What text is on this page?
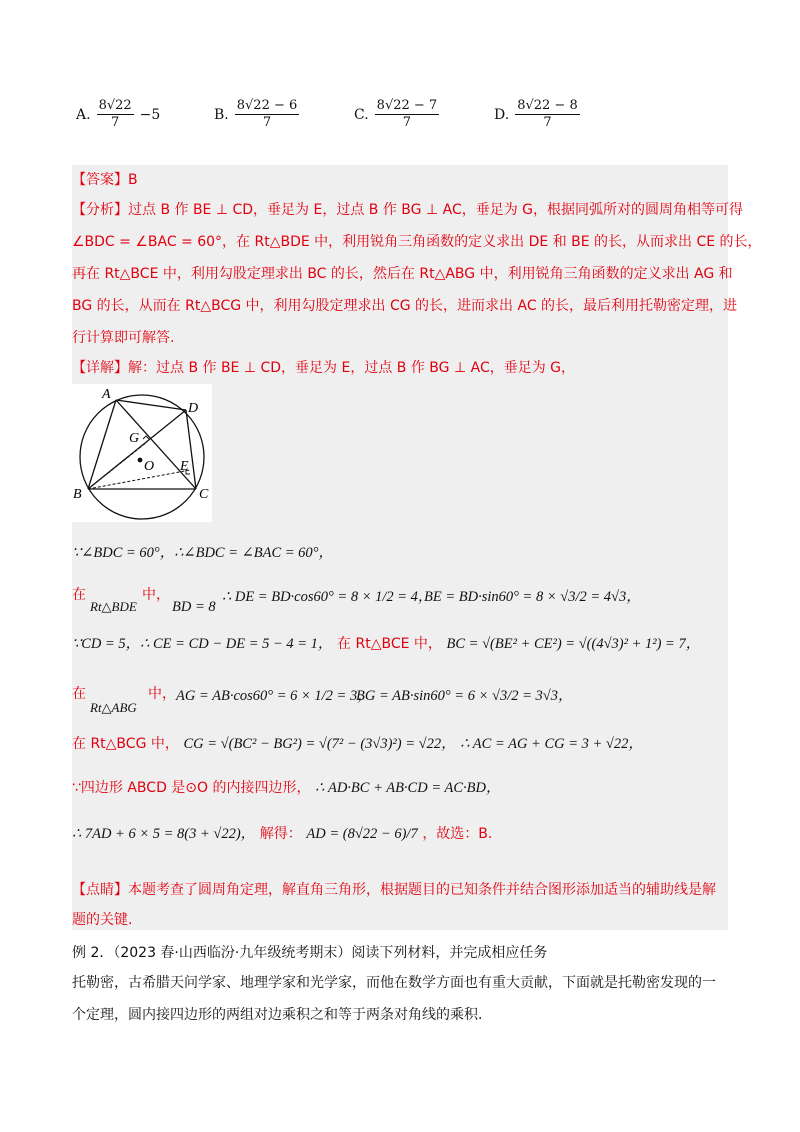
A. $\frac{8√22}{7} -5$	B. $\frac{8√22 - 6}{7}$	C. $\frac{8√22 - 7}{7}$	D. $\frac{8√22 - 8}{7}$
【答案】B
【分析】过点 B 作 BE ⊥ CD，垂足为 E，过点 B 作 BG ⊥ AC，垂足为 G，根据同弧所对的圆周角相等可得
∠BDC = ∠BAC = 60°，在 Rt△BDE 中，利用锐角三角函数的定义求出 DE 和 BE 的长，从而求出 CE 的长，
再在 Rt△BCE 中，利用勾股定理求出 BC 的长，然后在 Rt△ABG 中，利用锐角三角函数的定义求出 AG 和
BG 的长，从而在 Rt△BCG 中，利用勾股定理求出 CG 的长，进而求出 AC 的长，最后利用托勒密定理，进
行计算即可解答.
【详解】解：过点 B 作 BE ⊥ CD，垂足为 E，过点 B 作 BG ⊥ AC，垂足为 G，
A
D
B	C
G
E
O
∵∠BDC = 60°，∴∠BDC = ∠BAC = 60°，
在
Rt△BDE
中，
BD = 8
∴ DE = BD·cos60° = 8 × 1/2 = 4，
BE = BD·sin60° = 8 × √3/2 = 4√3，
∵CD = 5，∴ CE = CD − DE = 5 − 4 = 1， 在 Rt△BCE 中， BC = √(BE² + CE²) = √((4√3)² + 1²) = 7，
在
Rt△ABG
中， AG = AB·cos60° = 6 × 1/2 = 3，
BG = AB·sin60° = 6 × √3/2 = 3√3，
在 Rt△BCG 中， CG = √(BC² − BG²) = √(7² − (3√3)²) = √22， ∴ AC = AG + CG = 3 + √22，
∵四边形 ABCD 是⊙O 的内接四边形， ∴ AD·BC + AB·CD = AC·BD，
∴ 7AD + 6 × 5 = 8(3 + √22)， 解得： AD = (8√22 − 6)/7 ，故选：B.
【点睛】本题考查了圆周角定理，解直角三角形，根据题目的已知条件并结合图形添加适当的辅助线是解
题的关键.
例 2．（2023 春·山西临汾·九年级统考期末）阅读下列材料，并完成相应任务
托勒密，古希腊天问学家、地理学家和光学家，而他在数学方面也有重大贡献，下面就是托勒密发现的一
个定理，圆内接四边形的两组对边乘积之和等于两条对角线的乘积.
